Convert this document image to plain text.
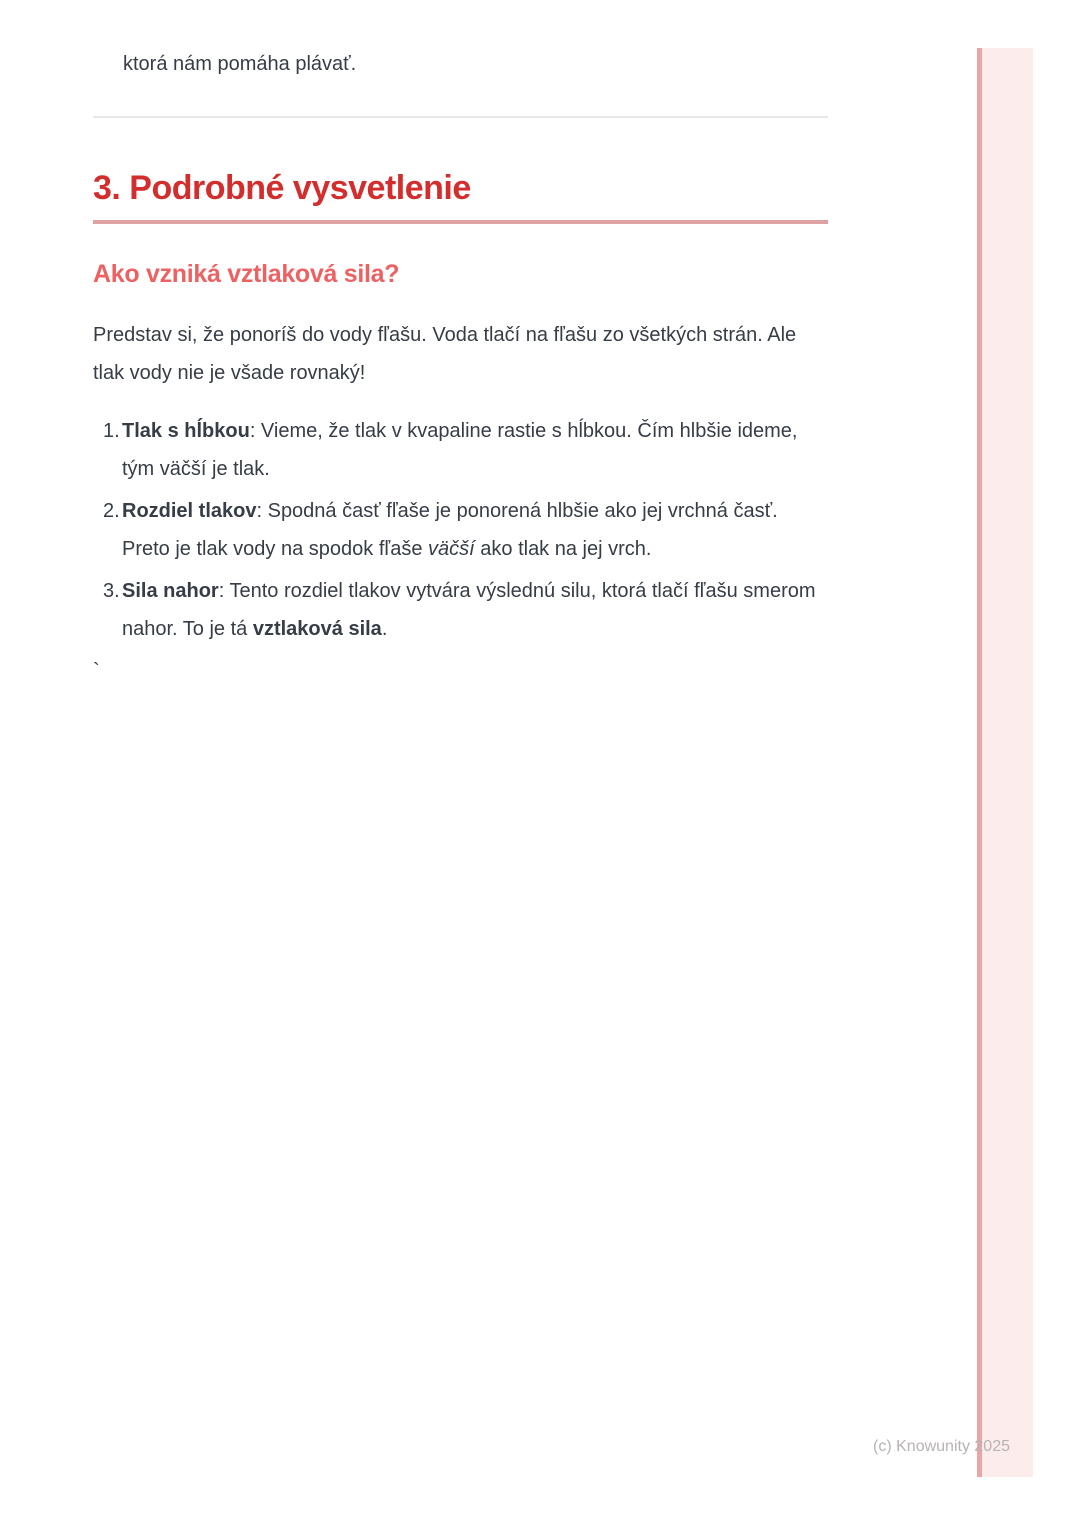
ktorá nám pomáha plávať.

3. Podrobné vysvetlenie
Ako vzniká vztlaková sila?

Predstav si, že ponoríš do vody fľašu. Voda tlačí na fľašu zo všetkých strán. Ale tlak vody nie je všade rovnaký!

1. Tlak s hĺbkou: Vieme, že tlak v kvapaline rastie s hĺbkou. Čím hlbšie ideme, tým väčší je tlak.
2. Rozdiel tlakov: Spodná časť fľaše je ponorená hlbšie ako jej vrchná časť. Preto je tlak vody na spodok fľaše väčší ako tlak na jej vrch.
3. Sila nahor: Tento rozdiel tlakov vytvára výslednú silu, ktorá tlačí fľašu smerom nahor. To je tá vztlaková sila.

`

(c) Knowunity 2025
